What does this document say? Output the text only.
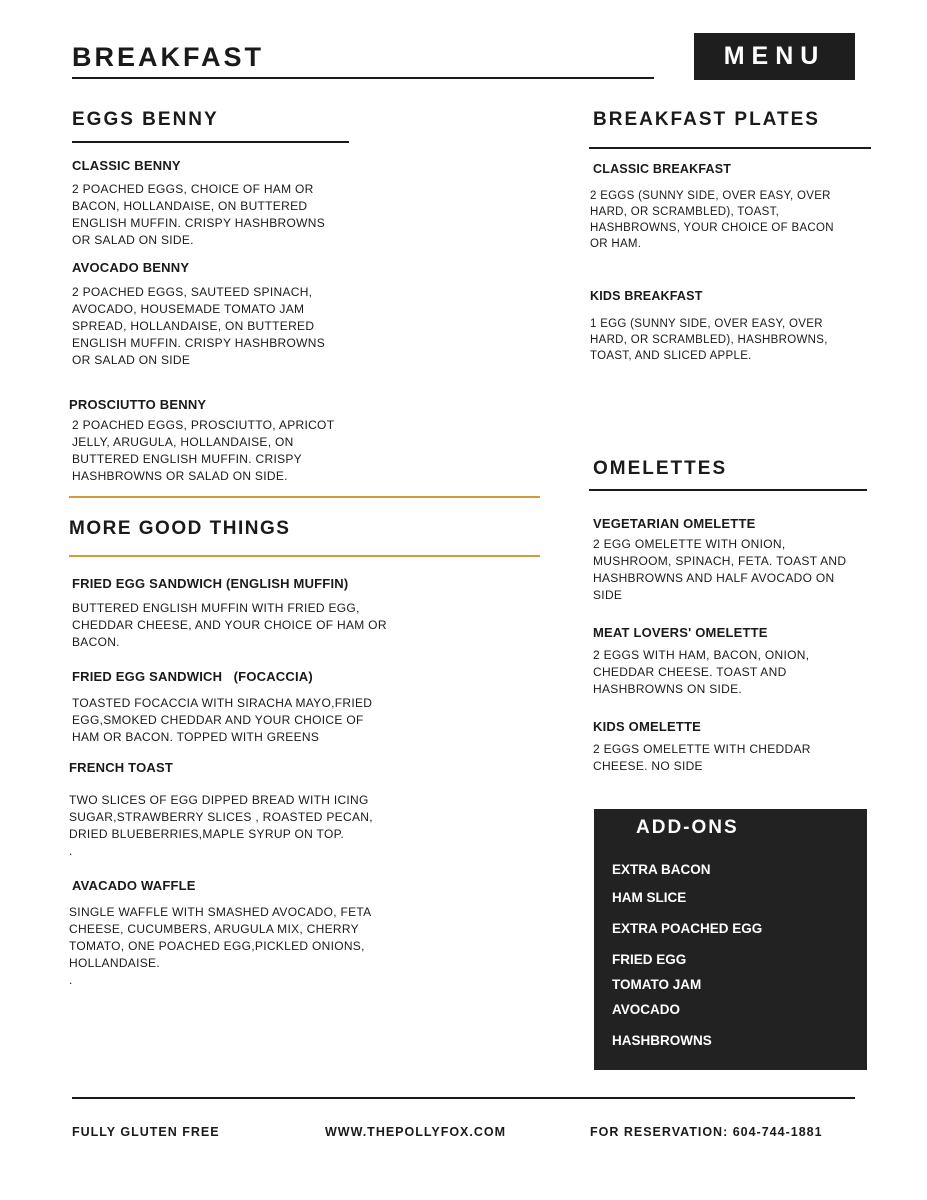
BREAKFAST	MENU
EGGS BENNY
CLASSIC BENNY
2 POACHED EGGS, CHOICE OF HAM OR
BACON, HOLLANDAISE, ON BUTTERED
ENGLISH MUFFIN. CRISPY HASHBROWNS
OR SALAD ON SIDE.
AVOCADO BENNY
2 POACHED EGGS, SAUTEED SPINACH,
AVOCADO, HOUSEMADE TOMATO JAM
SPREAD, HOLLANDAISE, ON BUTTERED
ENGLISH MUFFIN. CRISPY HASHBROWNS
OR SALAD ON SIDE
PROSCIUTTO BENNY
2 POACHED EGGS, PROSCIUTTO, APRICOT
JELLY, ARUGULA, HOLLANDAISE, ON
BUTTERED ENGLISH MUFFIN. CRISPY
HASHBROWNS OR SALAD ON SIDE.
MORE GOOD THINGS
FRIED EGG SANDWICH (ENGLISH MUFFIN)
BUTTERED ENGLISH MUFFIN WITH FRIED EGG,
CHEDDAR CHEESE, AND YOUR CHOICE OF HAM OR
BACON.
FRIED EGG SANDWICH   (FOCACCIA)
TOASTED FOCACCIA WITH SIRACHA MAYO,FRIED
EGG,SMOKED CHEDDAR AND YOUR CHOICE OF
HAM OR BACON. TOPPED WITH GREENS
FRENCH TOAST
TWO SLICES OF EGG DIPPED BREAD WITH ICING
SUGAR,STRAWBERRY SLICES , ROASTED PECAN,
DRIED BLUEBERRIES,MAPLE SYRUP ON TOP.
.
AVACADO WAFFLE
SINGLE WAFFLE WITH SMASHED AVOCADO, FETA
CHEESE, CUCUMBERS, ARUGULA MIX, CHERRY
TOMATO, ONE POACHED EGG,PICKLED ONIONS,
HOLLANDAISE.
.
BREAKFAST PLATES
CLASSIC BREAKFAST
2 EGGS (SUNNY SIDE, OVER EASY, OVER
HARD, OR SCRAMBLED), TOAST,
HASHBROWNS, YOUR CHOICE OF BACON
OR HAM.
KIDS BREAKFAST
1 EGG (SUNNY SIDE, OVER EASY, OVER
HARD, OR SCRAMBLED), HASHBROWNS,
TOAST, AND SLICED APPLE.
OMELETTES
VEGETARIAN OMELETTE
2 EGG OMELETTE WITH ONION,
MUSHROOM, SPINACH, FETA. TOAST AND
HASHBROWNS AND HALF AVOCADO ON
SIDE
MEAT LOVERS' OMELETTE
2 EGGS WITH HAM, BACON, ONION,
CHEDDAR CHEESE. TOAST AND
HASHBROWNS ON SIDE.
KIDS OMELETTE
2 EGGS OMELETTE WITH CHEDDAR
CHEESE. NO SIDE
ADD-ONS
EXTRA BACON
HAM SLICE
EXTRA POACHED EGG
FRIED EGG
TOMATO JAM
AVOCADO
HASHBROWNS
FULLY GLUTEN FREE	WWW.THEPOLLYFOX.COM	FOR RESERVATION: 604-744-1881
